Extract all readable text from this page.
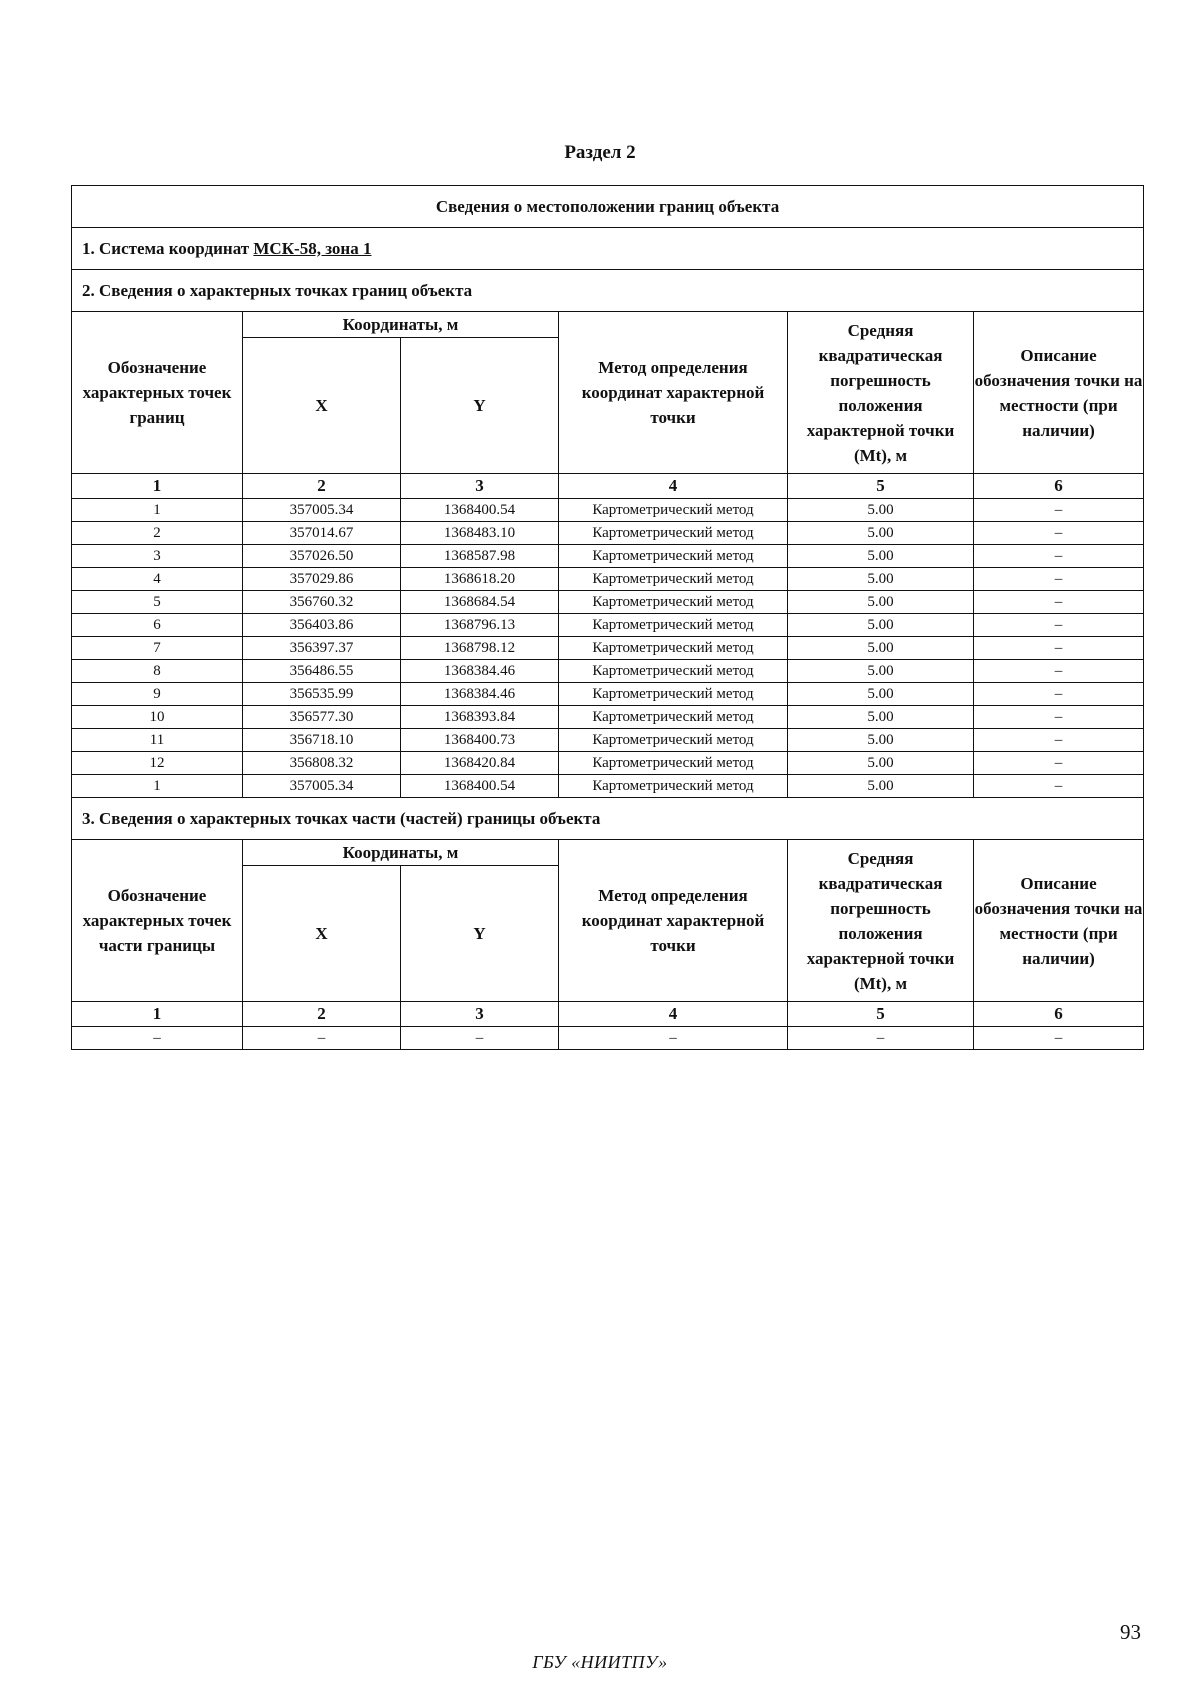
Раздел 2
Сведения о местоположении границ объекта					
1. Система координат МСК-58, зона 1					
2. Сведения о характерных точках границ объекта					
Обозначение характерных точек границ	Координаты, м		Метод определения координат характерной точки	Средняя квадратическая погрешность положения характерной точки (Mt), м	Описание обозначения точки на местности (при наличии)
	X	Y			
1	2	3	4	5	6
1	357005.34	1368400.54	Картометрический метод	5.00	–
2	357014.67	1368483.10	Картометрический метод	5.00	–
3	357026.50	1368587.98	Картометрический метод	5.00	–
4	357029.86	1368618.20	Картометрический метод	5.00	–
5	356760.32	1368684.54	Картометрический метод	5.00	–
6	356403.86	1368796.13	Картометрический метод	5.00	–
7	356397.37	1368798.12	Картометрический метод	5.00	–
8	356486.55	1368384.46	Картометрический метод	5.00	–
9	356535.99	1368384.46	Картометрический метод	5.00	–
10	356577.30	1368393.84	Картометрический метод	5.00	–
11	356718.10	1368400.73	Картометрический метод	5.00	–
12	356808.32	1368420.84	Картометрический метод	5.00	–
1	357005.34	1368400.54	Картометрический метод	5.00	–
3. Сведения о характерных точках части (частей) границы объекта					
Обозначение характерных точек части границы	Координаты, м		Метод определения координат характерной точки	Средняя квадратическая погрешность положения характерной точки (Mt), м	Описание обозначения точки на местности (при наличии)
	X	Y			
1	2	3	4	5	6
–	–	–	–	–	–
93
ГБУ «НИИТПУ»
